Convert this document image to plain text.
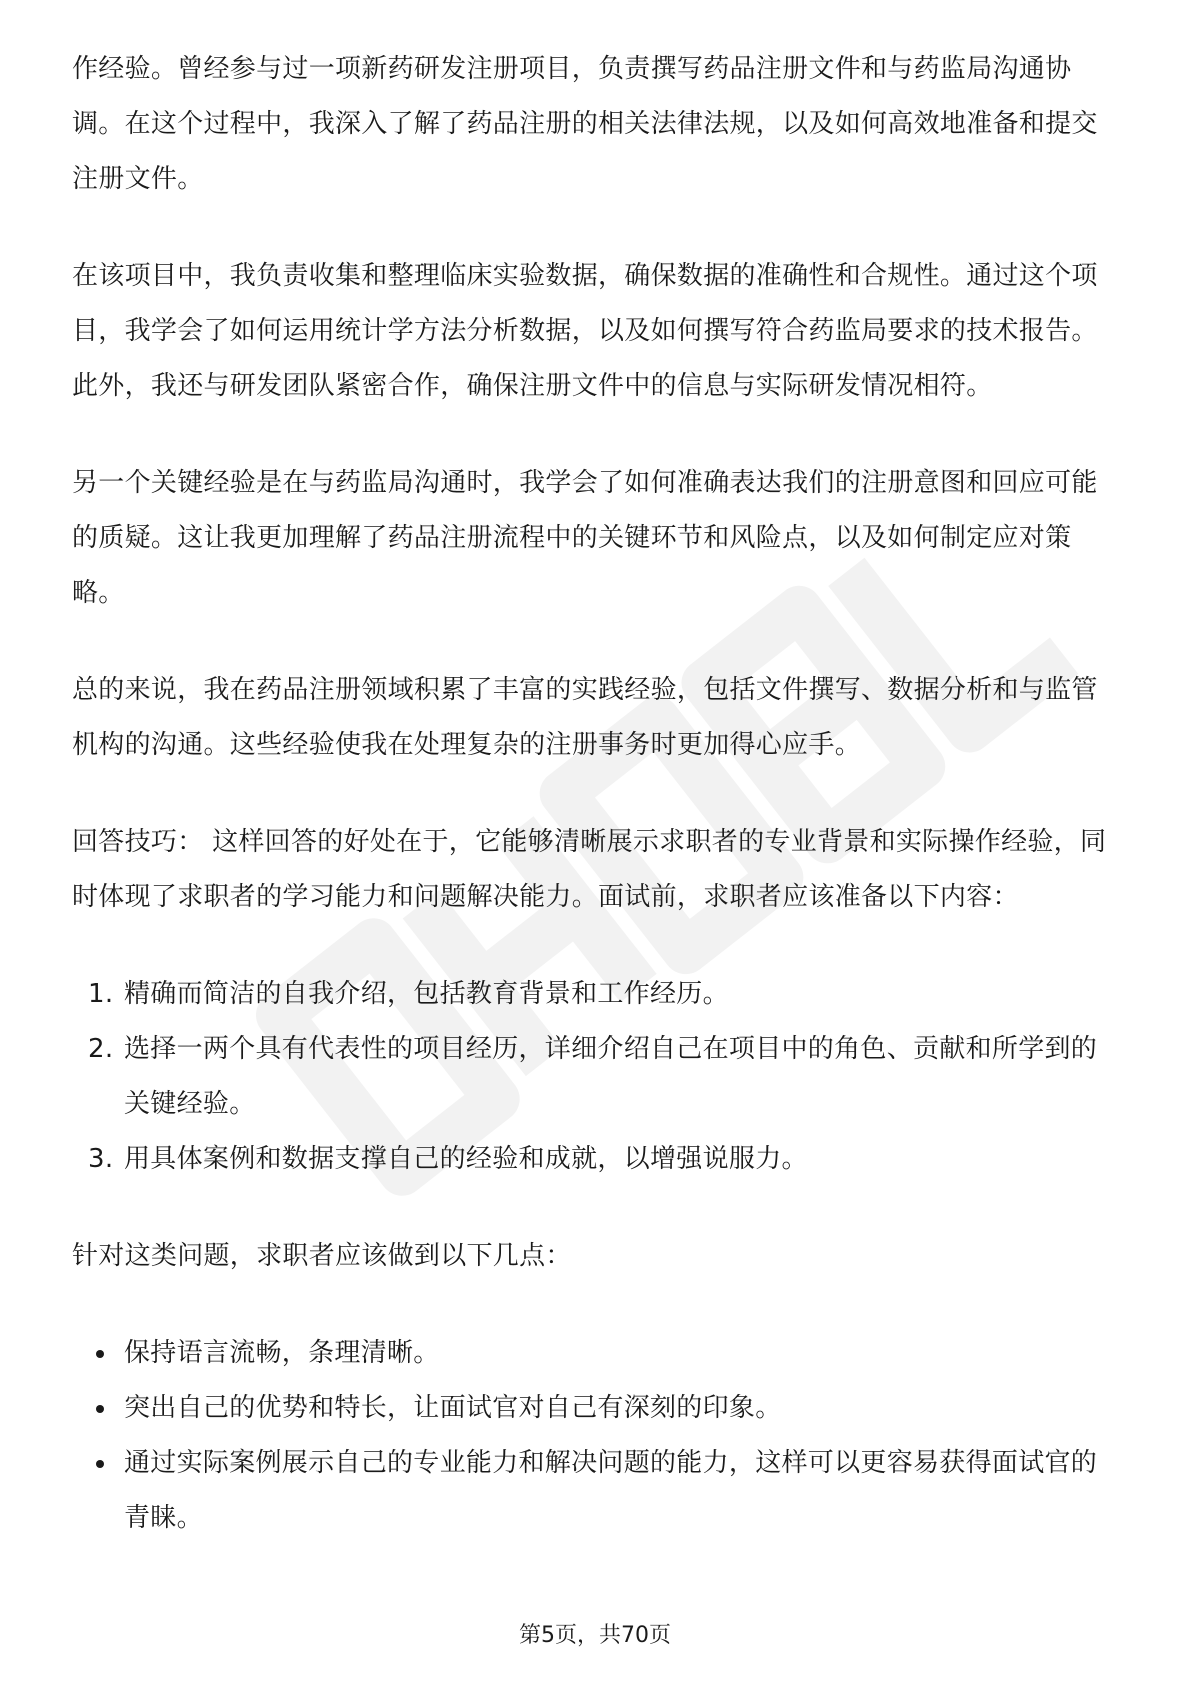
作经验。曾经参与过一项新药研发注册项目，负责撰写药品注册文件和与药监局沟通协调。在这个过程中，我深入了解了药品注册的相关法律法规，以及如何高效地准备和提交注册文件。

在该项目中，我负责收集和整理临床实验数据，确保数据的准确性和合规性。通过这个项目，我学会了如何运用统计学方法分析数据，以及如何撰写符合药监局要求的技术报告。此外，我还与研发团队紧密合作，确保注册文件中的信息与实际研发情况相符。

另一个关键经验是在与药监局沟通时，我学会了如何准确表达我们的注册意图和回应可能的质疑。这让我更加理解了药品注册流程中的关键环节和风险点，以及如何制定应对策略。

总的来说，我在药品注册领域积累了丰富的实践经验，包括文件撰写、数据分析和与监管机构的沟通。这些经验使我在处理复杂的注册事务时更加得心应手。

回答技巧： 这样回答的好处在于，它能够清晰展示求职者的专业背景和实际操作经验，同时体现了求职者的学习能力和问题解决能力。面试前，求职者应该准备以下内容：

1. 精确而简洁的自我介绍，包括教育背景和工作经历。
2. 选择一两个具有代表性的项目经历，详细介绍自己在项目中的角色、贡献和所学到的关键经验。
3. 用具体案例和数据支撑自己的经验和成就，以增强说服力。

针对这类问题，求职者应该做到以下几点：

保持语言流畅，条理清晰。
突出自己的优势和特长，让面试官对自己有深刻的印象。
通过实际案例展示自己的专业能力和解决问题的能力，这样可以更容易获得面试官的青睐。
第5页，共70页
